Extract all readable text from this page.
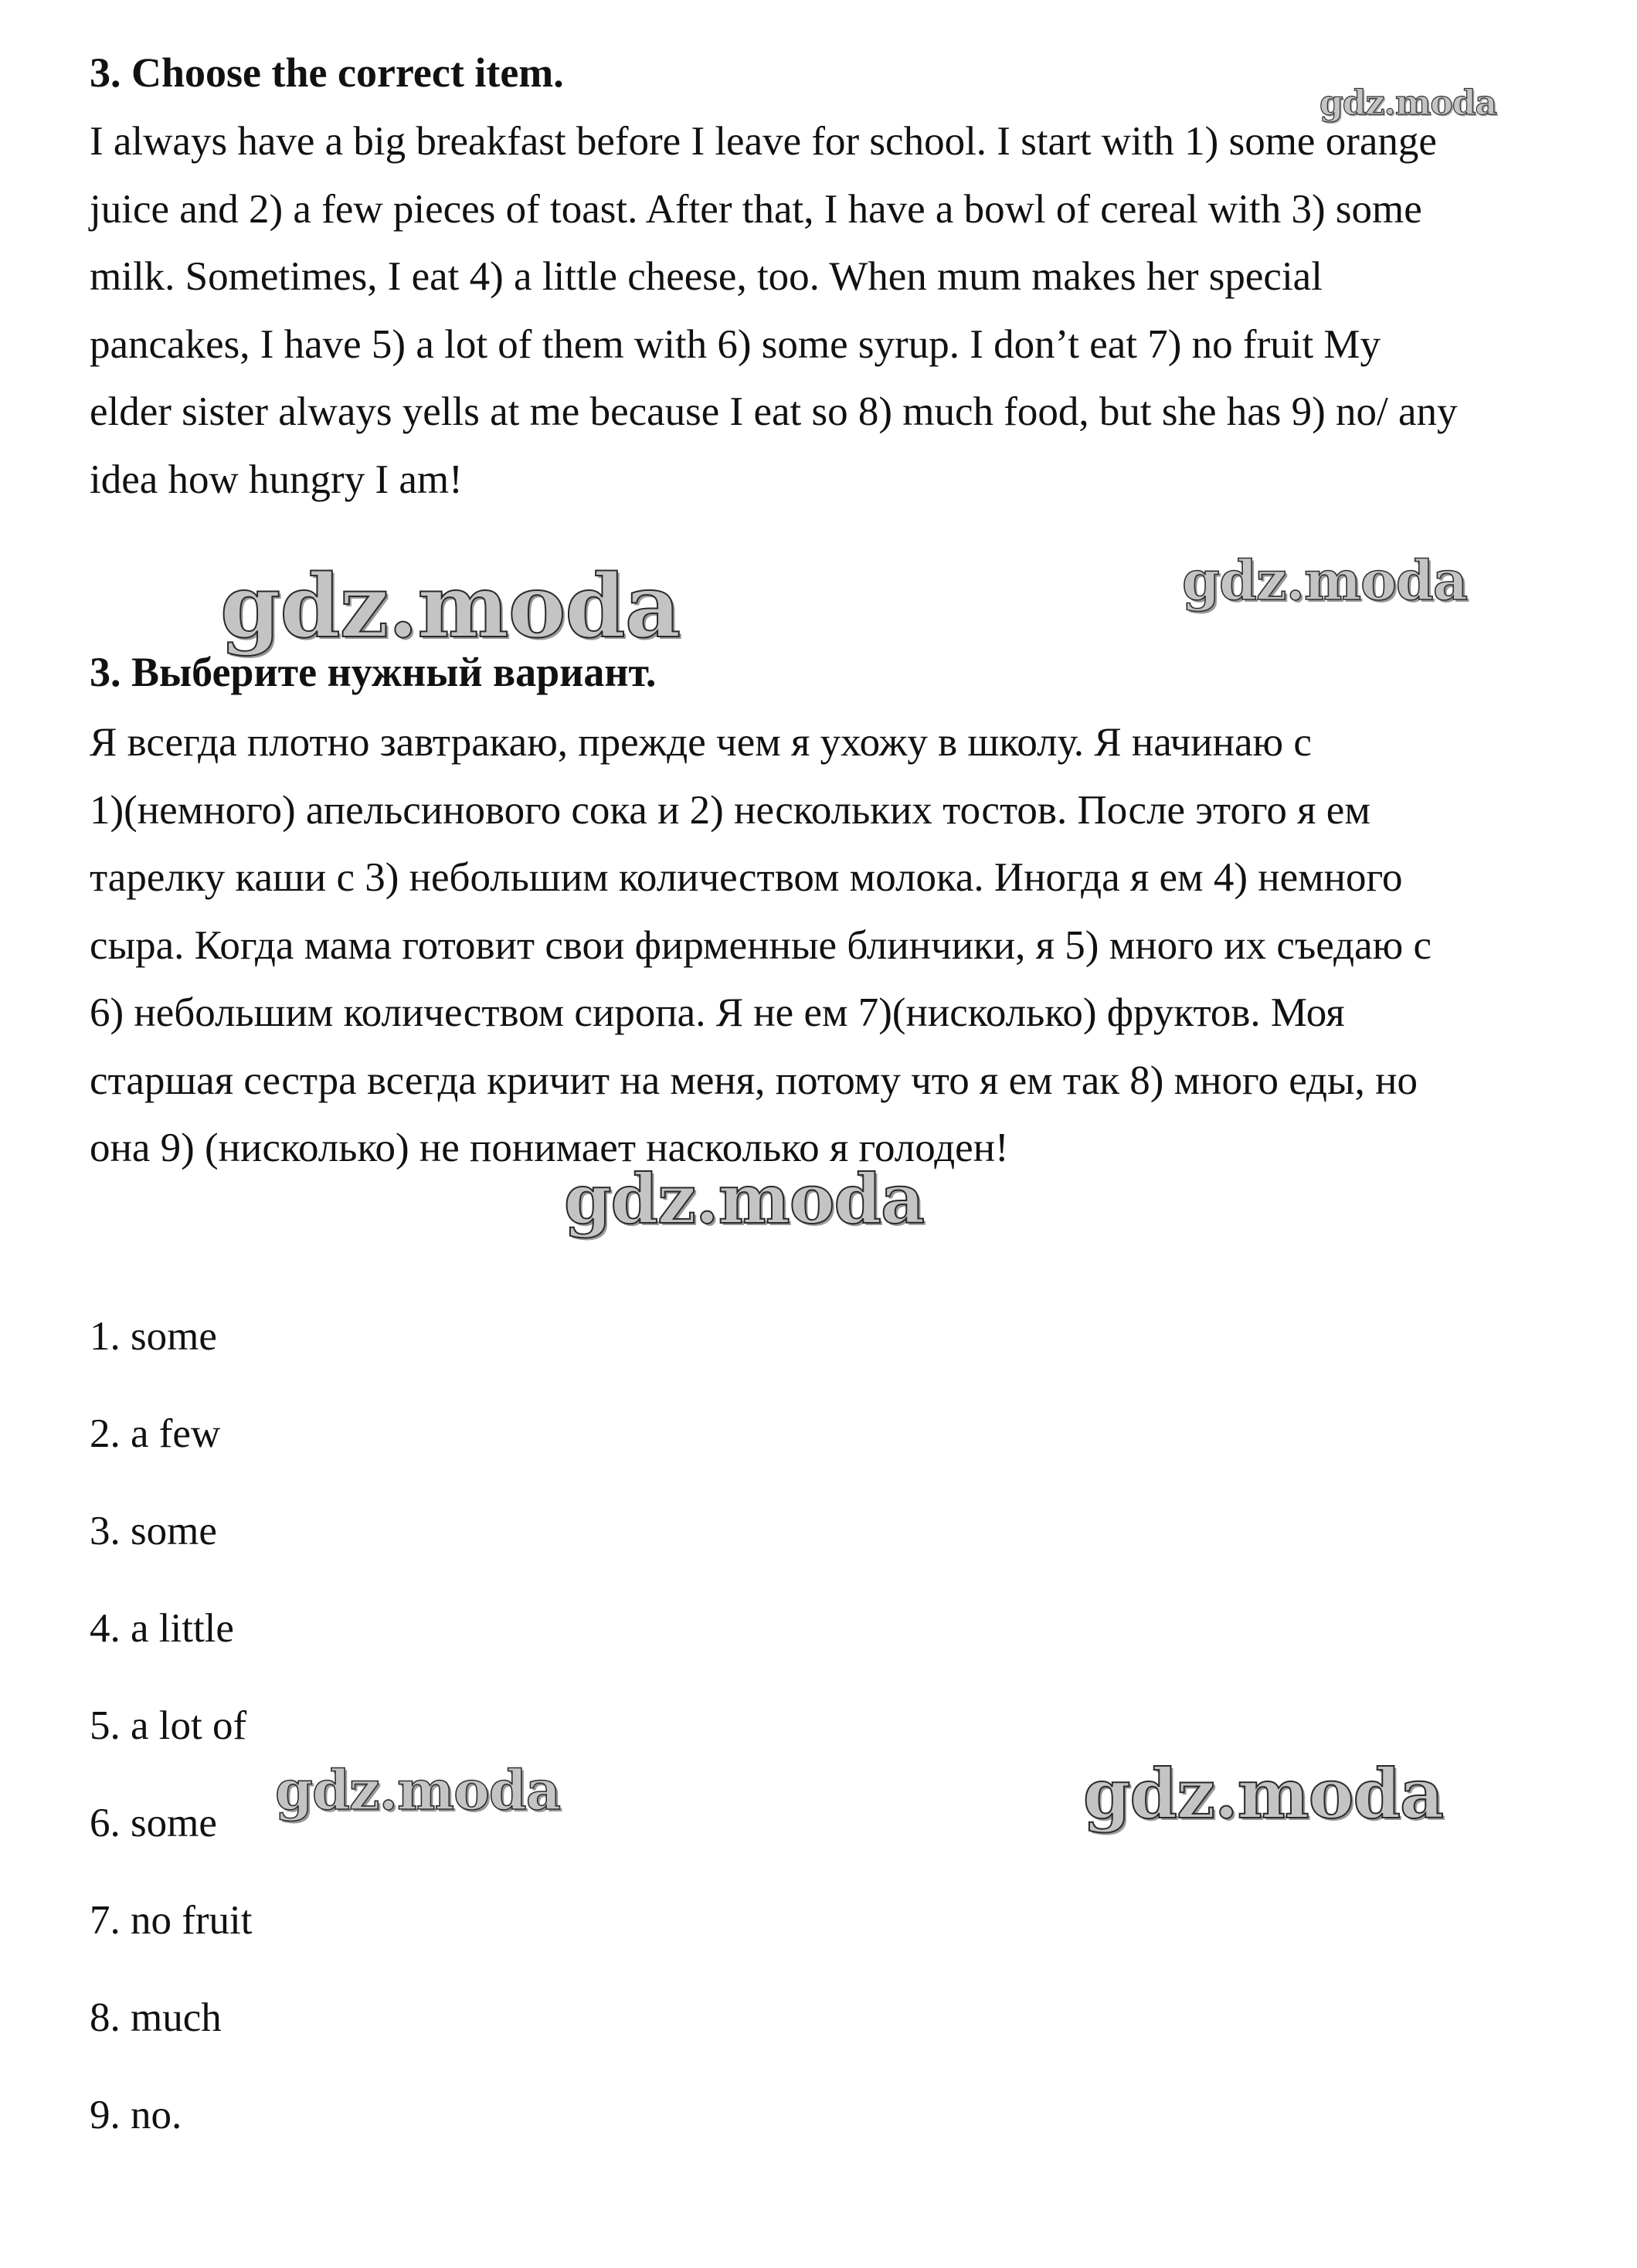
3. Choose the correct item.
I always have a big breakfast before I leave for school. I start with 1) some orange
juice and 2) a few pieces of toast. After that, I have a bowl of cereal with 3) some
milk. Sometimes, I eat 4) a little cheese, too. When mum makes her special
pancakes, I have 5) a lot of them with 6) some syrup. I don’t eat 7) no fruit My
elder sister always yells at me because I eat so 8) much food, but she has 9) no/ any
idea how hungry I am!
3. Выберите нужный вариант.
Я всегда плотно завтракаю, прежде чем я ухожу в школу. Я начинаю с
1)(немного) апельсинового сока и 2) нескольких тостов. После этого я ем
тарелку каши с 3) небольшим количеством молока. Иногда я ем 4) немного
сыра. Когда мама готовит свои фирменные блинчики, я 5) много их съедаю с
6) небольшим количеством сиропа. Я не ем 7)(нисколько) фруктов. Моя
старшая сестра всегда кричит на меня, потому что я ем так 8) много еды, но
она 9) (нисколько) не понимает насколько я голоден!
1. some
2. a few
3. some
4. a little
5. a lot of
6. some
7. no fruit
8. much
9. no.
gdz.moda
gdz.moda	gdz.moda
gdz.moda
gdz.moda	gdz.moda
